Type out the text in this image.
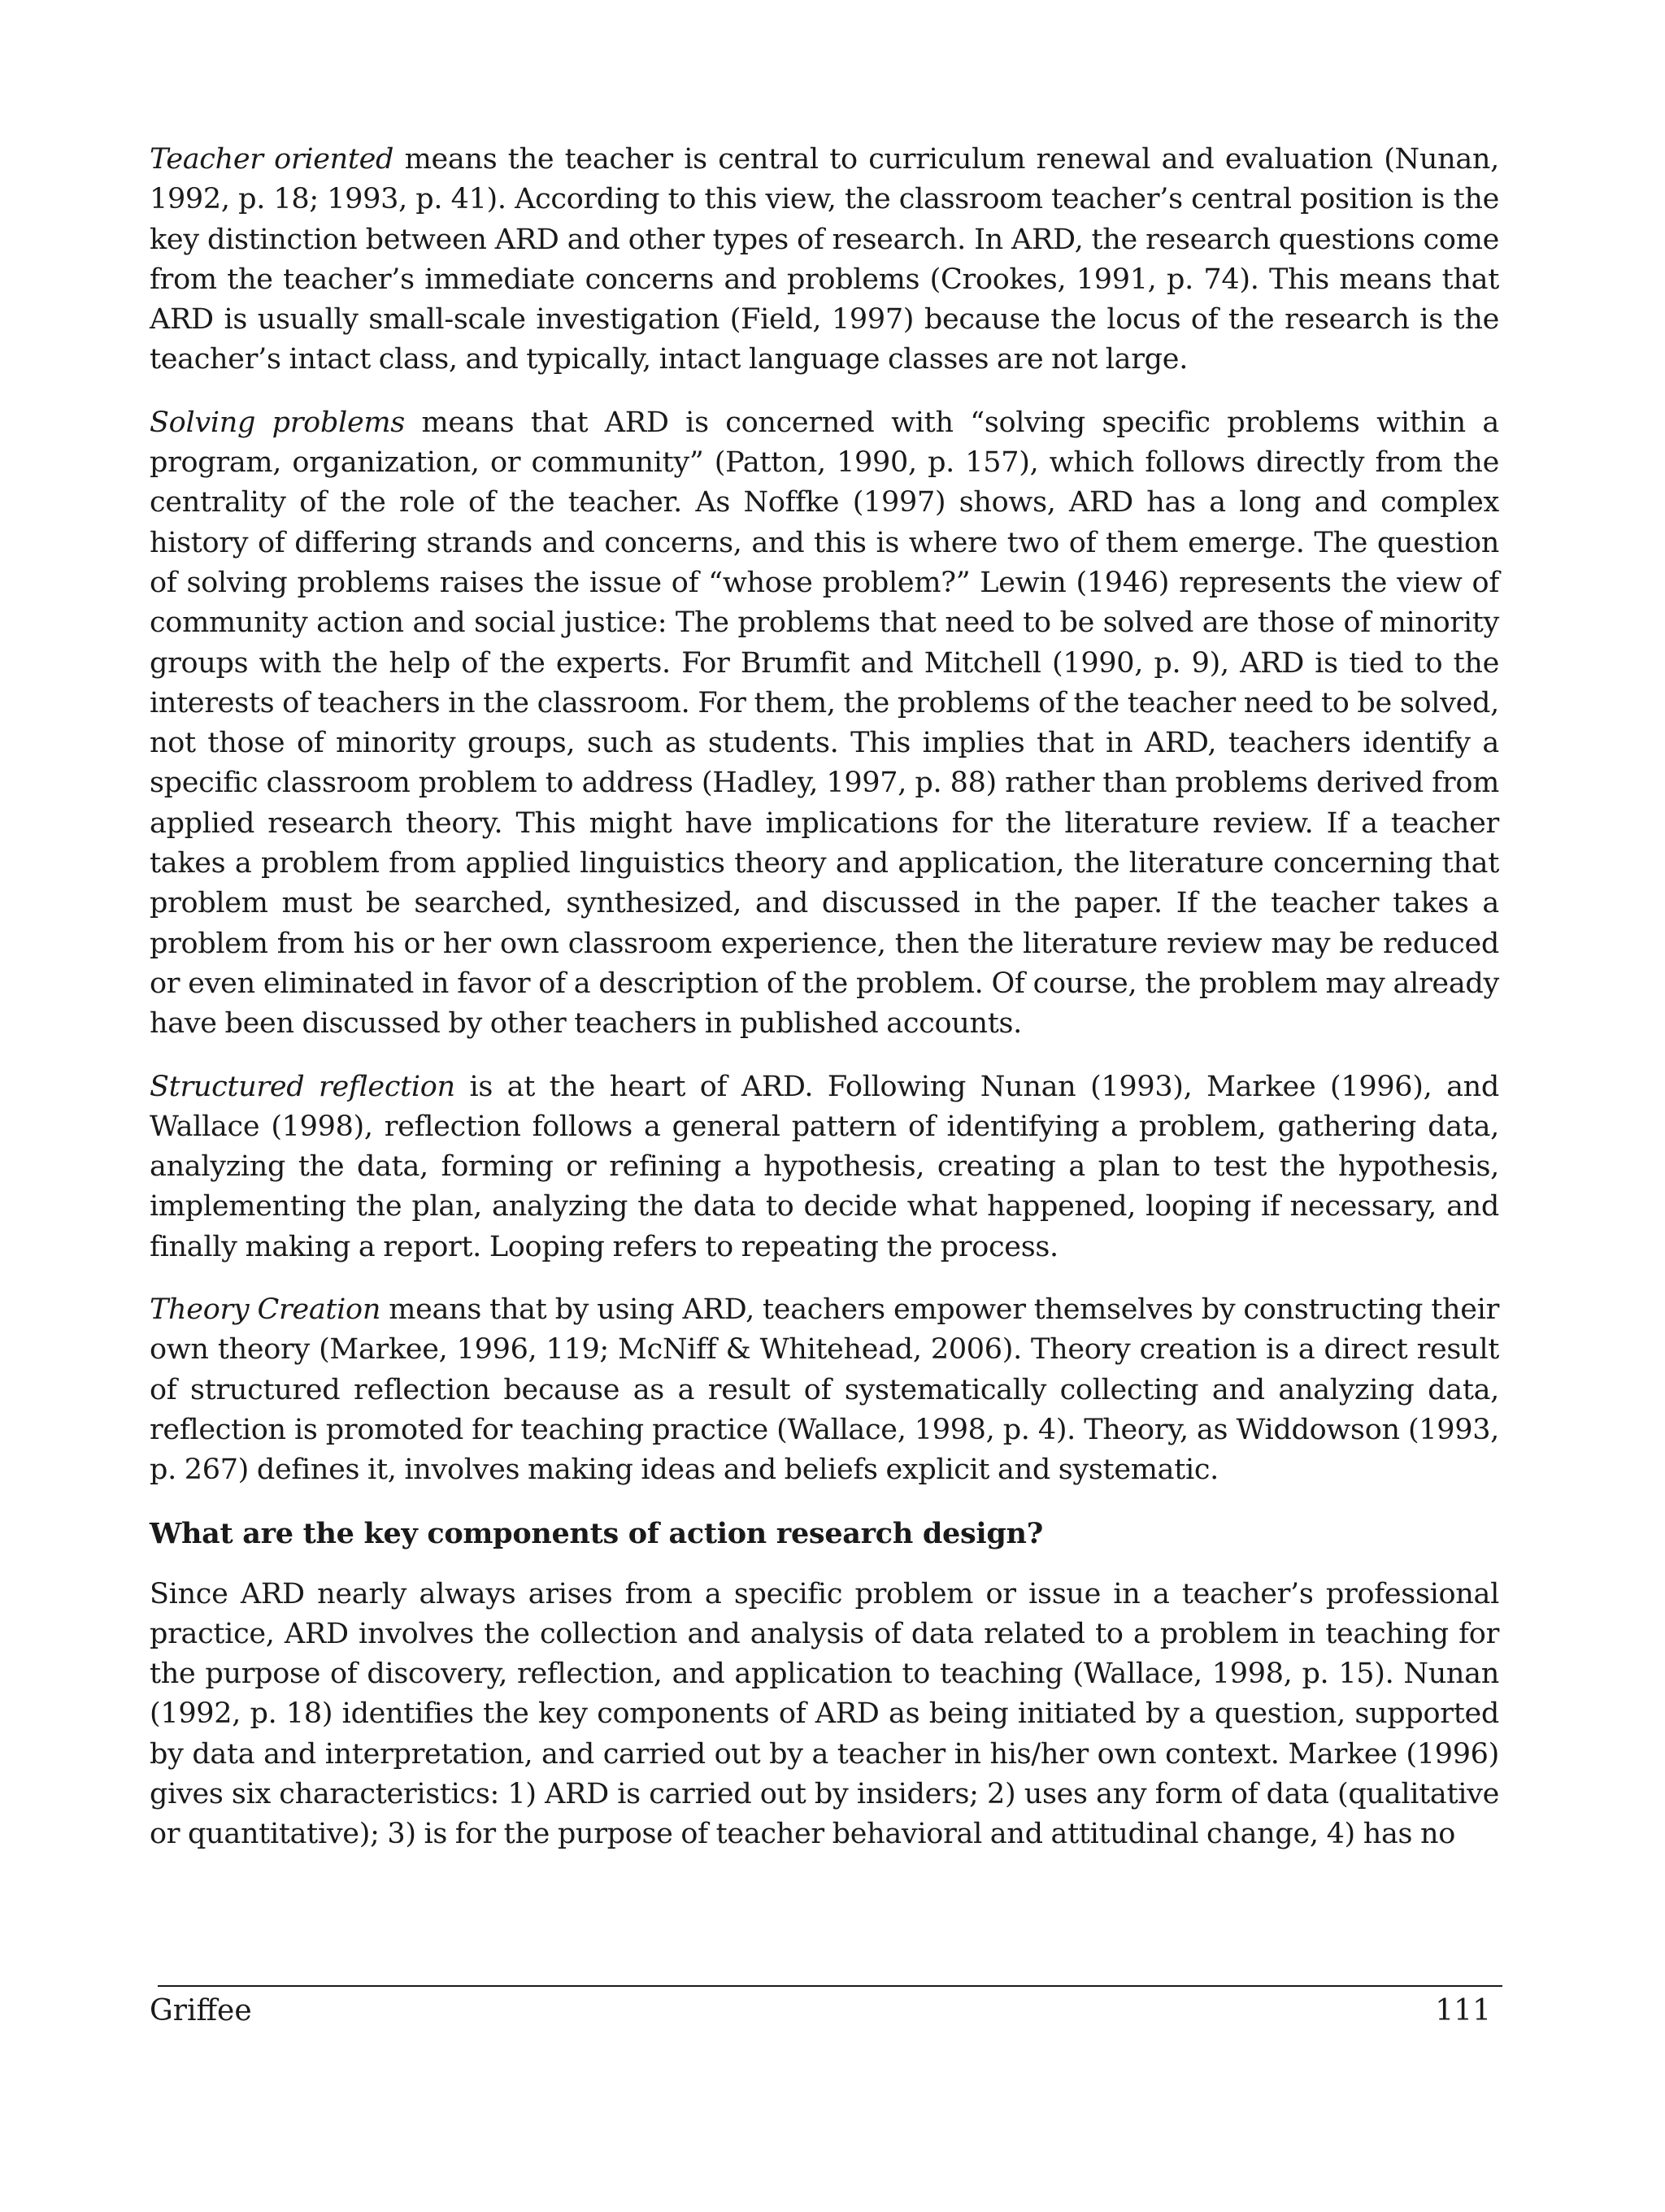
Teacher oriented means the teacher is central to curriculum renewal and evaluation (Nunan, 1992, p. 18; 1993, p. 41). According to this view, the classroom teacher’s central position is the key distinction between ARD and other types of research. In ARD, the research questions come from the teacher’s immediate concerns and problems (Crookes, 1991, p. 74). This means that ARD is usually small-scale investigation (Field, 1997) because the locus of the research is the teacher’s intact class, and typically, intact language classes are not large.

Solving problems means that ARD is concerned with “solving specific problems within a program, organization, or community” (Patton, 1990, p. 157), which follows directly from the centrality of the role of the teacher. As Noffke (1997) shows, ARD has a long and complex history of differing strands and concerns, and this is where two of them emerge. The question of solving problems raises the issue of “whose problem?” Lewin (1946) represents the view of community action and social justice: The problems that need to be solved are those of minority groups with the help of the experts. For Brumfit and Mitchell (1990, p. 9), ARD is tied to the interests of teachers in the classroom. For them, the problems of the teacher need to be solved, not those of minority groups, such as students. This implies that in ARD, teachers identify a specific classroom problem to address (Hadley, 1997, p. 88) rather than problems derived from applied research theory. This might have implications for the literature review. If a teacher takes a problem from applied linguistics theory and application, the literature concerning that problem must be searched, synthesized, and discussed in the paper. If the teacher takes a problem from his or her own classroom experience, then the literature review may be reduced or even eliminated in favor of a description of the problem. Of course, the problem may already have been discussed by other teachers in published accounts.

Structured reflection is at the heart of ARD. Following Nunan (1993), Markee (1996), and Wallace (1998), reflection follows a general pattern of identifying a problem, gathering data, analyzing the data, forming or refining a hypothesis, creating a plan to test the hypothesis, implementing the plan, analyzing the data to decide what happened, looping if necessary, and finally making a report. Looping refers to repeating the process.

Theory Creation means that by using ARD, teachers empower themselves by constructing their own theory (Markee, 1996, 119; McNiff & Whitehead, 2006). Theory creation is a direct result of structured reflection because as a result of systematically collecting and analyzing data, reflection is promoted for teaching practice (Wallace, 1998, p. 4). Theory, as Widdowson (1993, p. 267) defines it, involves making ideas and beliefs explicit and systematic.

What are the key components of action research design?

Since ARD nearly always arises from a specific problem or issue in a teacher’s professional practice, ARD involves the collection and analysis of data related to a problem in teaching for the purpose of discovery, reflection, and application to teaching (Wallace, 1998, p. 15). Nunan (1992, p. 18) identifies the key components of ARD as being initiated by a question, supported by data and interpretation, and carried out by a teacher in his/her own context. Markee (1996) gives six characteristics: 1) ARD is carried out by insiders; 2) uses any form of data (qualitative or quantitative); 3) is for the purpose of teacher behavioral and attitudinal change, 4) has no

Griffee	111
